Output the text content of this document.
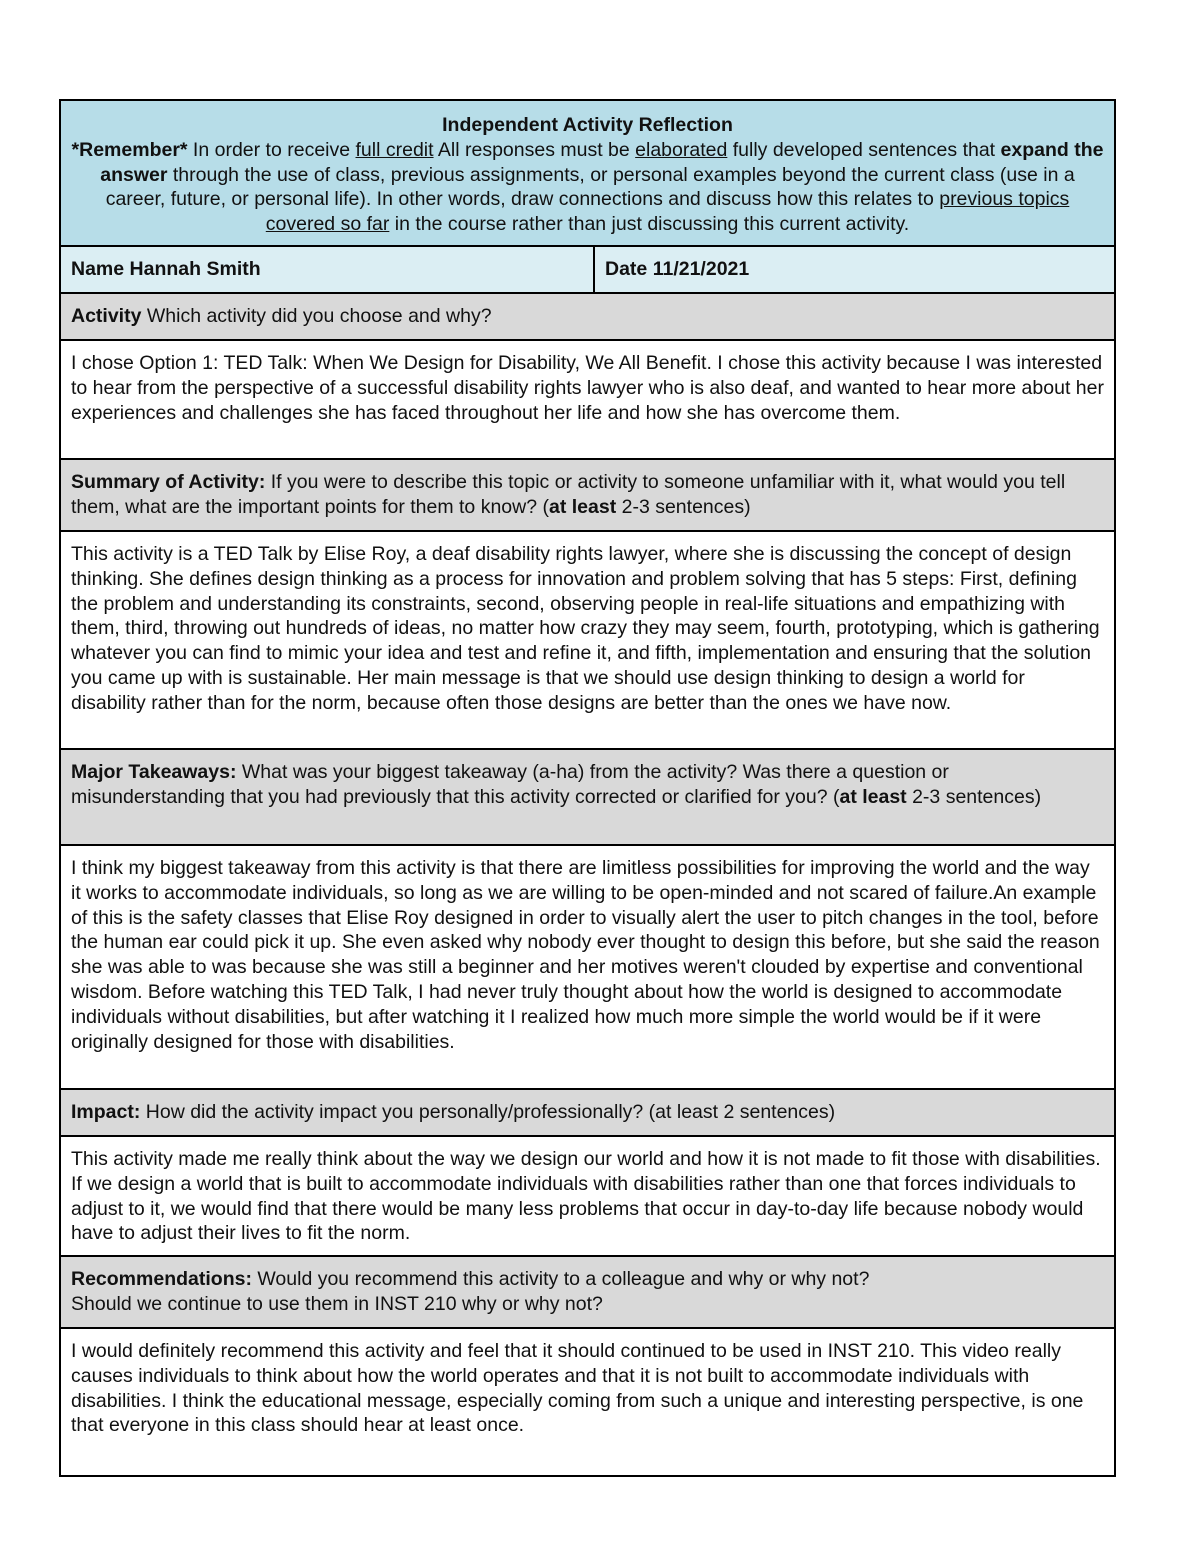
Independent Activity Reflection
*Remember* In order to receive full credit All responses must be elaborated fully developed sentences that expand the answer through the use of class, previous assignments, or personal examples beyond the current class (use in a career, future, or personal life). In other words, draw connections and discuss how this relates to previous topics covered so far in the course rather than just discussing this current activity.
Name Hannah Smith	Date 11/21/2021
Activity Which activity did you choose and why?
I chose Option 1: TED Talk: When We Design for Disability, We All Benefit. I chose this activity because I was interested to hear from the perspective of a successful disability rights lawyer who is also deaf, and wanted to hear more about her experiences and challenges she has faced throughout her life and how she has overcome them.
Summary of Activity: If you were to describe this topic or activity to someone unfamiliar with it, what would you tell them, what are the important points for them to know? (at least 2-3 sentences)
This activity is a TED Talk by Elise Roy, a deaf disability rights lawyer, where she is discussing the concept of design thinking. She defines design thinking as a process for innovation and problem solving that has 5 steps: First, defining the problem and understanding its constraints, second, observing people in real-life situations and empathizing with them, third, throwing out hundreds of ideas, no matter how crazy they may seem, fourth, prototyping, which is gathering whatever you can find to mimic your idea and test and refine it, and fifth, implementation and ensuring that the solution you came up with is sustainable. Her main message is that we should use design thinking to design a world for disability rather than for the norm, because often those designs are better than the ones we have now.
Major Takeaways: What was your biggest takeaway (a-ha) from the activity? Was there a question or misunderstanding that you had previously that this activity corrected or clarified for you? (at least 2-3 sentences)
I think my biggest takeaway from this activity is that there are limitless possibilities for improving the world and the way it works to accommodate individuals, so long as we are willing to be open-minded and not scared of failure.An example of this is the safety classes that Elise Roy designed in order to visually alert the user to pitch changes in the tool, before the human ear could pick it up. She even asked why nobody ever thought to design this before, but she said the reason she was able to was because she was still a beginner and her motives weren't clouded by expertise and conventional wisdom. Before watching this TED Talk, I had never truly thought about how the world is designed to accommodate individuals without disabilities, but after watching it I realized how much more simple the world would be if it were originally designed for those with disabilities.
Impact: How did the activity impact you personally/professionally? (at least 2 sentences)
This activity made me really think about the way we design our world and how it is not made to fit those with disabilities. If we design a world that is built to accommodate individuals with disabilities rather than one that forces individuals to adjust to it, we would find that there would be many less problems that occur in day-to-day life because nobody would have to adjust their lives to fit the norm.
Recommendations: Would you recommend this activity to a colleague and why or why not?
Should we continue to use them in INST 210 why or why not?
I would definitely recommend this activity and feel that it should continued to be used in INST 210. This video really causes individuals to think about how the world operates and that it is not built to accommodate individuals with disabilities. I think the educational message, especially coming from such a unique and interesting perspective, is one that everyone in this class should hear at least once.
